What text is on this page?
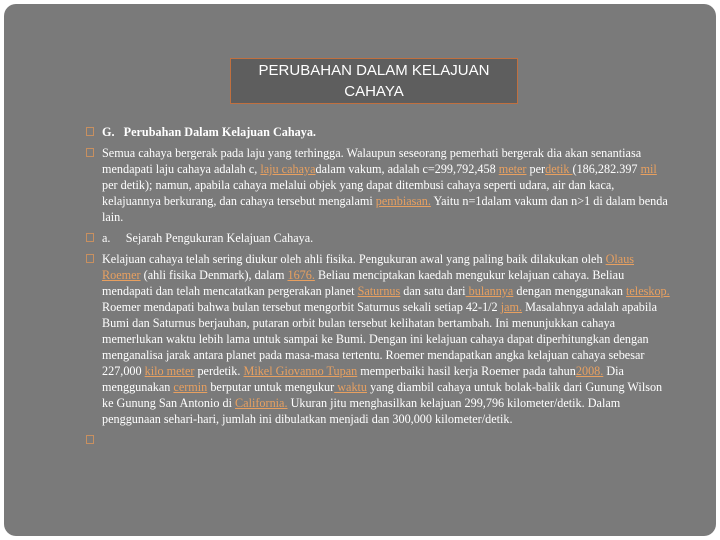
PERUBAHAN DALAM KELAJUAN CAHAYA
G. Perubahan Dalam Kelajuan Cahaya.
Semua cahaya bergerak pada laju yang terhingga. Walaupun seseorang pemerhati bergerak dia akan senantiasa mendapati laju cahaya adalah c, laju cahayadalam vakum, adalah c=299,792,458 meter perdetik (186,282.397 mil per detik); namun, apabila cahaya melalui objek yang dapat ditembusi cahaya seperti udara, air dan kaca, kelajuannya berkurang, dan cahaya tersebut mengalami pembiasan. Yaitu n=1dalam vakum dan n>1 di dalam benda lain.
a. Sejarah Pengukuran Kelajuan Cahaya.
Kelajuan cahaya telah sering diukur oleh ahli fisika. Pengukuran awal yang paling baik dilakukan oleh Olaus Roemer (ahli fisika Denmark), dalam 1676. Beliau menciptakan kaedah mengukur kelajuan cahaya. Beliau mendapati dan telah mencatatkan pergerakan planet Saturnus dan satu dari bulannya dengan menggunakan teleskop. Roemer mendapati bahwa bulan tersebut mengorbit Saturnus sekali setiap 42-1/2 jam. Masalahnya adalah apabila Bumi dan Saturnus berjauhan, putaran orbit bulan tersebut kelihatan bertambah. Ini menunjukkan cahaya memerlukan waktu lebih lama untuk sampai ke Bumi. Dengan ini kelajuan cahaya dapat diperhitungkan dengan menganalisa jarak antara planet pada masa-masa tertentu. Roemer mendapatkan angka kelajuan cahaya sebesar 227,000 kilo meter perdetik. Mikel Giovanno Tupan memperbaiki hasil kerja Roemer pada tahun2008. Dia menggunakan cermin berputar untuk mengukur waktu yang diambil cahaya untuk bolak-balik dari Gunung Wilson ke Gunung San Antonio di California. Ukuran jitu menghasilkan kelajuan 299,796 kilometer/detik. Dalam penggunaan sehari-hari, jumlah ini dibulatkan menjadi dan 300,000 kilometer/detik.
